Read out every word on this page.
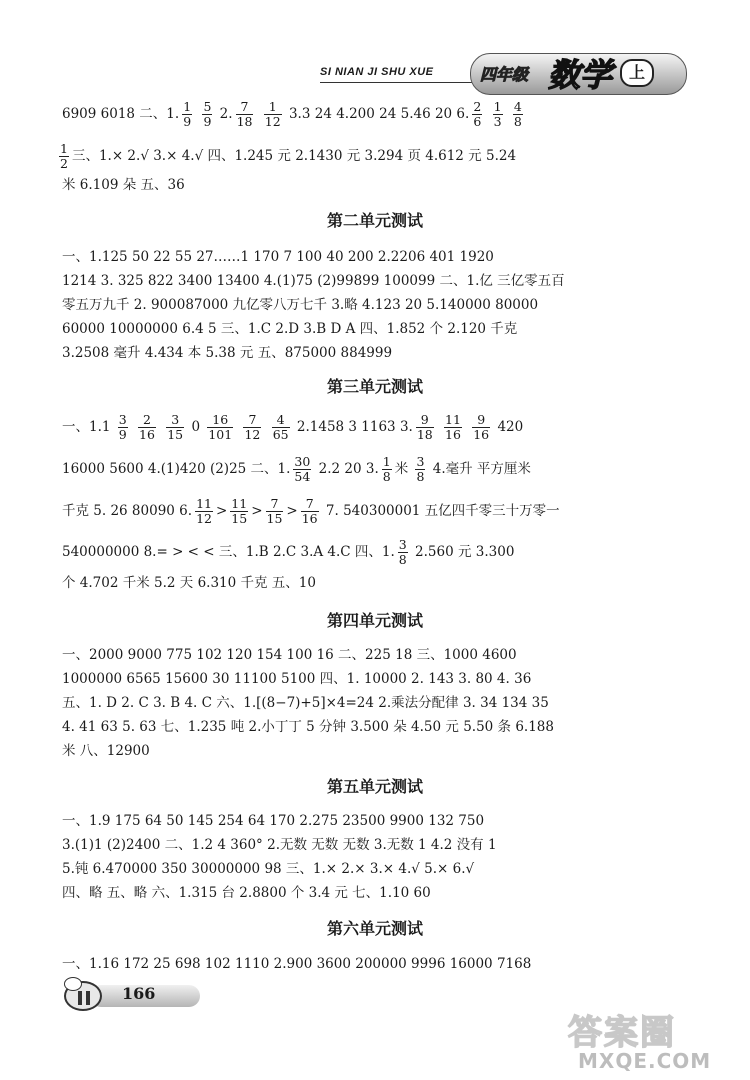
SI NIAN JI SHU XUE	四年级 数学	上
6909 6018 二、1. $\frac{1}{9}$
$\frac{5}{9} 2$. $\frac{7}{18}$
$\frac{1}{12} 3.3$ 24 4.200 24 5.46 20 6. $\frac{2}{6}$
$\frac{1}{3}$
$\frac{4}{8}$
$\frac{1}{2}$ 三、1.× 2.√ 3.× 4.√ 四、1.245 元 2.1430 元 3.294 页 4.612 元 5.24
米 6.109 朵 五、36
第二单元测试
一、1.125 50 22 55 27……1 170 7 100 40 200 2.2206 401 1920
1214 3. 325 822 3400 13400 4.(1)75 (2)99899 100099 二、1.亿 三亿零五百
零五万九千 2. 900087000 九亿零八万七千 3.略 4.123 20 5.140000 80000
60000 10000000 6.4 5 三、1.C 2.D 3.B D A 四、1.852 个 2.120 千克
3.2508 毫升 4.434 本 5.38 元 五、875000 884999
第三单元测试
一、$1.1 \frac{3}{9}$
$\frac{2}{16}$
$\frac{3}{15} 0 \frac{16}{101}$
$\frac{7}{12}$
$\frac{4}{65} 2.1458$ 3 1163 3. $\frac{9}{18}$
$\frac{11}{16}$
$\frac{9}{16} 420$
16000 5600 4.(1)420 (2)25 二、1. $\frac{30}{54} 2.2$ 20 3. $\frac{1}{8}$ 米 $\frac{3}{8} 4$.毫升 平方厘米
千克 5. 26 80090 6. $\frac{11}{12} > \frac{11}{15} > \frac{7}{15} > \frac{7}{16} 7$. 540300001 五亿四千零三十万零一
540000000 8.= > < < 三、1.B 2.C 3.A 4.C 四、1. $\frac{3}{8} 2.560$ 元 3.300
个 4.702 千米 5.2 天 6.310 千克 五、10
第四单元测试
一、2000 9000 775 102 120 154 100 16 二、225 18 三、1000 4600
1000000 6565 15600 30 11100 5100 四、1. 10000 2. 143 3. 80 4. 36
五、1. D 2. C 3. B 4. C 六、1.[(8−7)+5]×4=24 2.乘法分配律 3. 34 134 35
4. 41 63 5. 63 七、1.235 吨 2.小丁丁 5 分钟 3.500 朵 4.50 元 5.50 条 6.188
米 八、12900
第五单元测试
一、1.9 175 64 50 145 254 64 170 2.275 23500 9900 132 750
3.(1)1 (2)2400 二、1.2 4 360° 2.无数 无数 无数 3.无数 1 4.2 没有 1
5.钝 6.470000 350 30000000 98 三、1.× 2.× 3.× 4.√ 5.× 6.√
四、略 五、略 六、1.315 台 2.8800 个 3.4 元 七、1.10 60
第六单元测试
一、1.16 172 25 698 102 1110 2.900 3600 200000 9996 16000 7168
166
答案圈
MXQE.COM
